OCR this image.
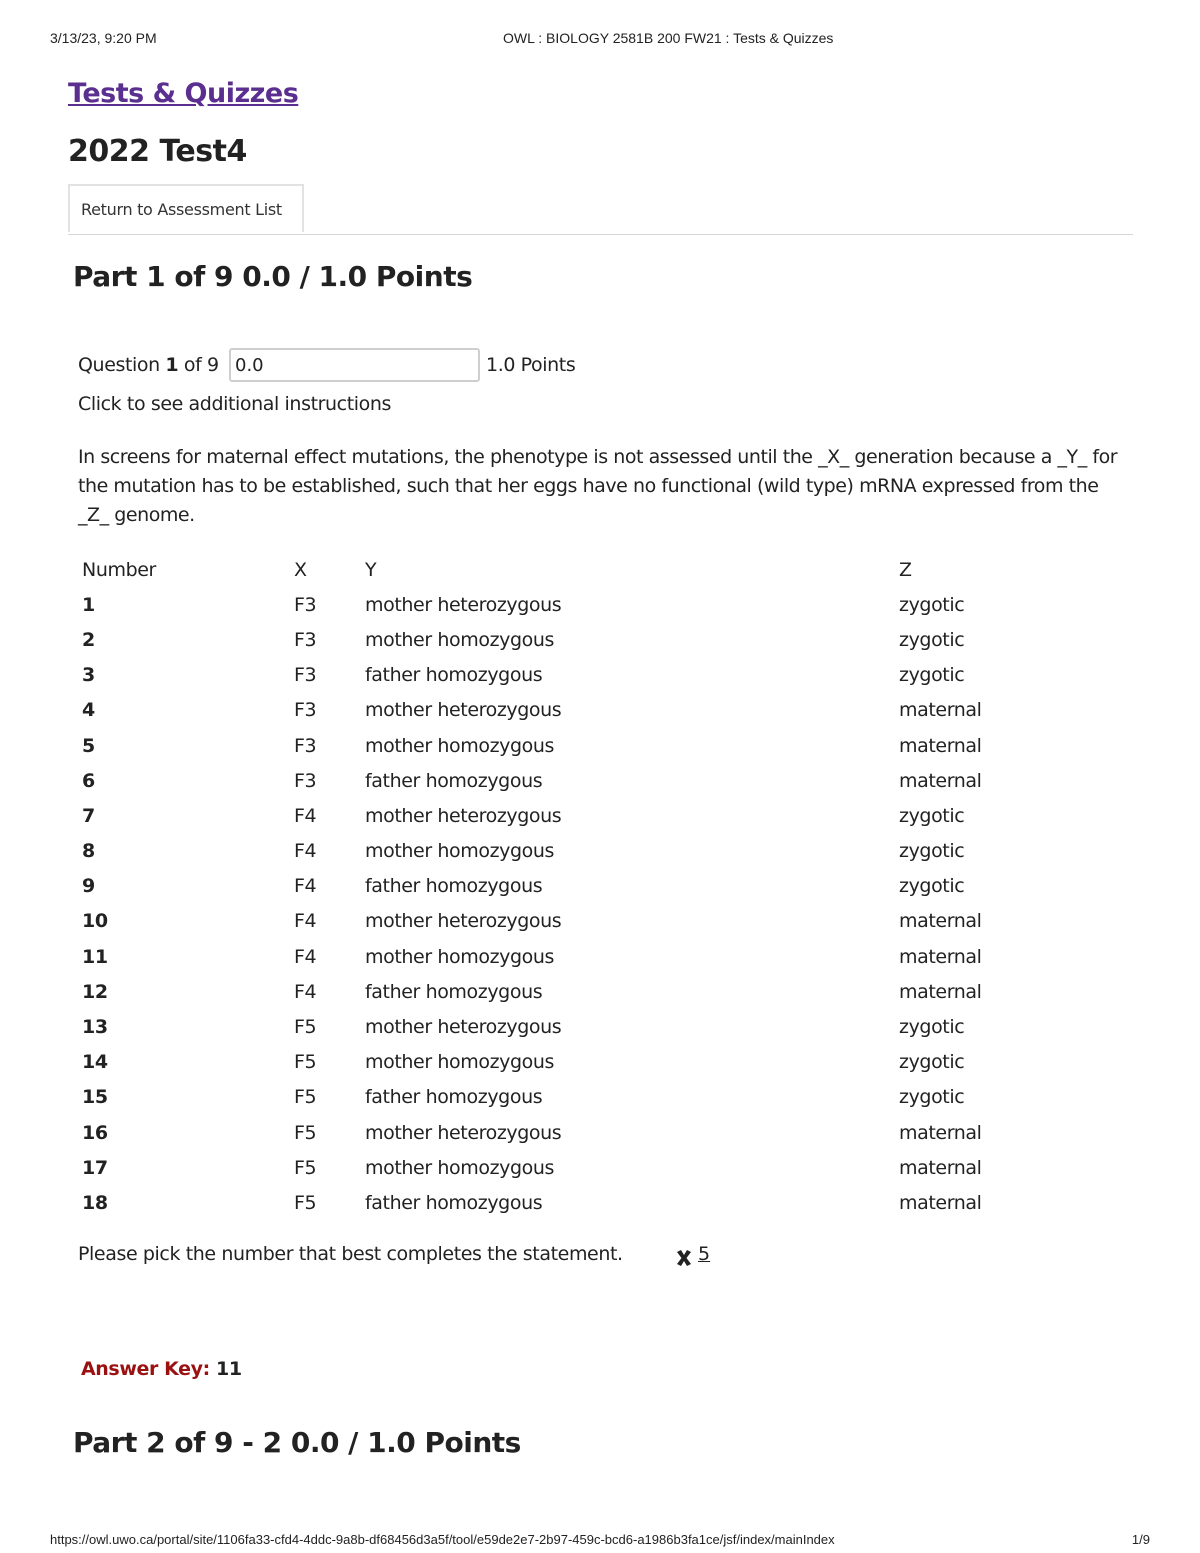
3/13/23, 9:20 PM	OWL : BIOLOGY 2581B 200 FW21 : Tests & Quizzes
Tests & Quizzes
2022 Test4
Return to Assessment List
Part 1 of 9 0.0 / 1.0 Points
Question 1 of 9
0.0	1.0 Points
Click to see additional instructions
In screens for maternal effect mutations, the phenotype is not assessed until the _X_ generation because a _Y_ for the mutation has to be established, such that her eggs have no functional (wild type) mRNA expressed from the _Z_ genome.
Number	X	Y	Z
1	F3	mother heterozygous	zygotic
2	F3	mother homozygous	zygotic
3	F3	father homozygous	zygotic
4	F3	mother heterozygous	maternal
5	F3	mother homozygous	maternal
6	F3	father homozygous	maternal
7	F4	mother heterozygous	zygotic
8	F4	mother homozygous	zygotic
9	F4	father homozygous	zygotic
10	F4	mother heterozygous	maternal
11	F4	mother homozygous	maternal
12	F4	father homozygous	maternal
13	F5	mother heterozygous	zygotic
14	F5	mother homozygous	zygotic
15	F5	father homozygous	zygotic
16	F5	mother heterozygous	maternal
17	F5	mother homozygous	maternal
18	F5	father homozygous	maternal
Please pick the number that best completes the statement.	5
Answer Key: 11
Part 2 of 9 - 2 0.0 / 1.0 Points
https://owl.uwo.ca/portal/site/1106fa33-cfd4-4ddc-9a8b-df68456d3a5f/tool/e59de2e7-2b97-459c-bcd6-a1986b3fa1ce/jsf/index/mainIndex	1/9
